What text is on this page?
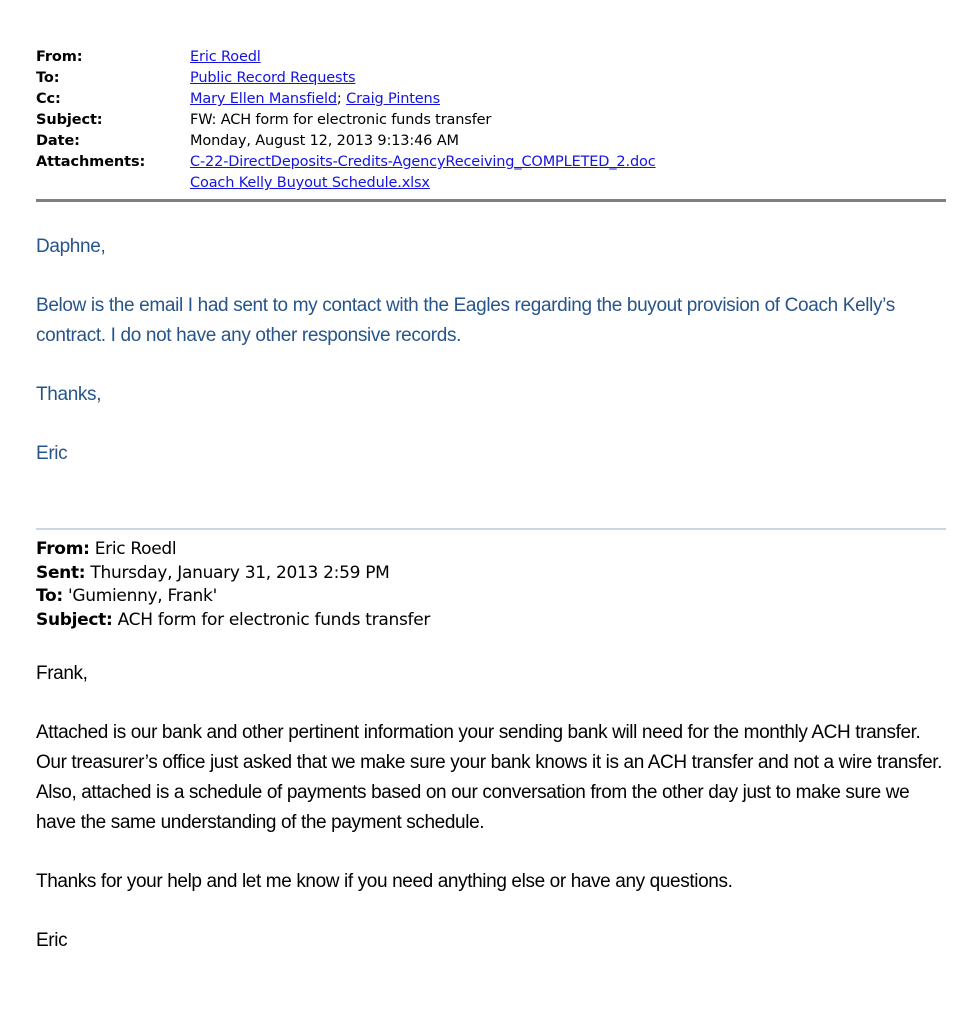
From:	Eric Roedl
To:	Public Record Requests
Cc:	Mary Ellen Mansfield; Craig Pintens
Subject:	FW: ACH form for electronic funds transfer
Date:	Monday, August 12, 2013 9:13:46 AM
Attachments:	C-22-DirectDeposits-Credits-AgencyReceiving_COMPLETED_2.doc
Coach Kelly Buyout Schedule.xlsx

Daphne,

Below is the email I had sent to my contact with the Eagles regarding the buyout provision of Coach Kelly’s contract. I do not have any other responsive records.

Thanks,

Eric

From: Eric Roedl
Sent: Thursday, January 31, 2013 2:59 PM
To: 'Gumienny, Frank'
Subject: ACH form for electronic funds transfer

Frank,

Attached is our bank and other pertinent information your sending bank will need for the monthly ACH transfer. Our treasurer’s office just asked that we make sure your bank knows it is an ACH transfer and not a wire transfer. Also, attached is a schedule of payments based on our conversation from the other day just to make sure we have the same understanding of the payment schedule.

Thanks for your help and let me know if you need anything else or have any questions.

Eric
